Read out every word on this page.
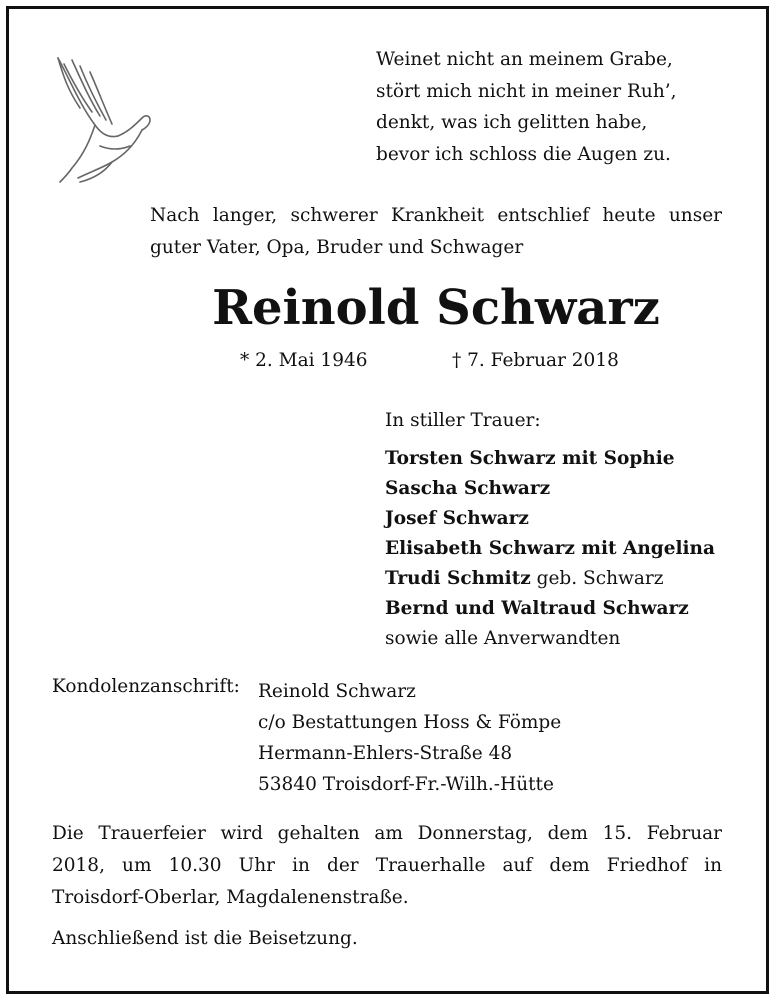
Weinet nicht an meinem Grabe,
stört mich nicht in meiner Ruh’,
denkt, was ich gelitten habe,
bevor ich schloss die Augen zu.
Nach langer, schwerer Krankheit entschlief heute unser
guter Vater, Opa, Bruder und Schwager
Reinold Schwarz
* 2. Mai 1946	† 7. Februar 2018
In stiller Trauer:
Torsten Schwarz mit Sophie
Sascha Schwarz
Josef Schwarz
Elisabeth Schwarz mit Angelina
Trudi Schmitz geb. Schwarz
Bernd und Waltraud Schwarz
sowie alle Anverwandten
Kondolenzanschrift: Reinold Schwarz
c/o Bestattungen Hoss & Fömpe
Hermann-Ehlers-Straße 48
53840 Troisdorf-Fr.-Wilh.-Hütte
Die Trauerfeier wird gehalten am Donnerstag, dem 15. Februar
2018, um 10.30 Uhr in der Trauerhalle auf dem Friedhof in
Troisdorf-Oberlar, Magdalenenstraße.
Anschließend ist die Beisetzung.
